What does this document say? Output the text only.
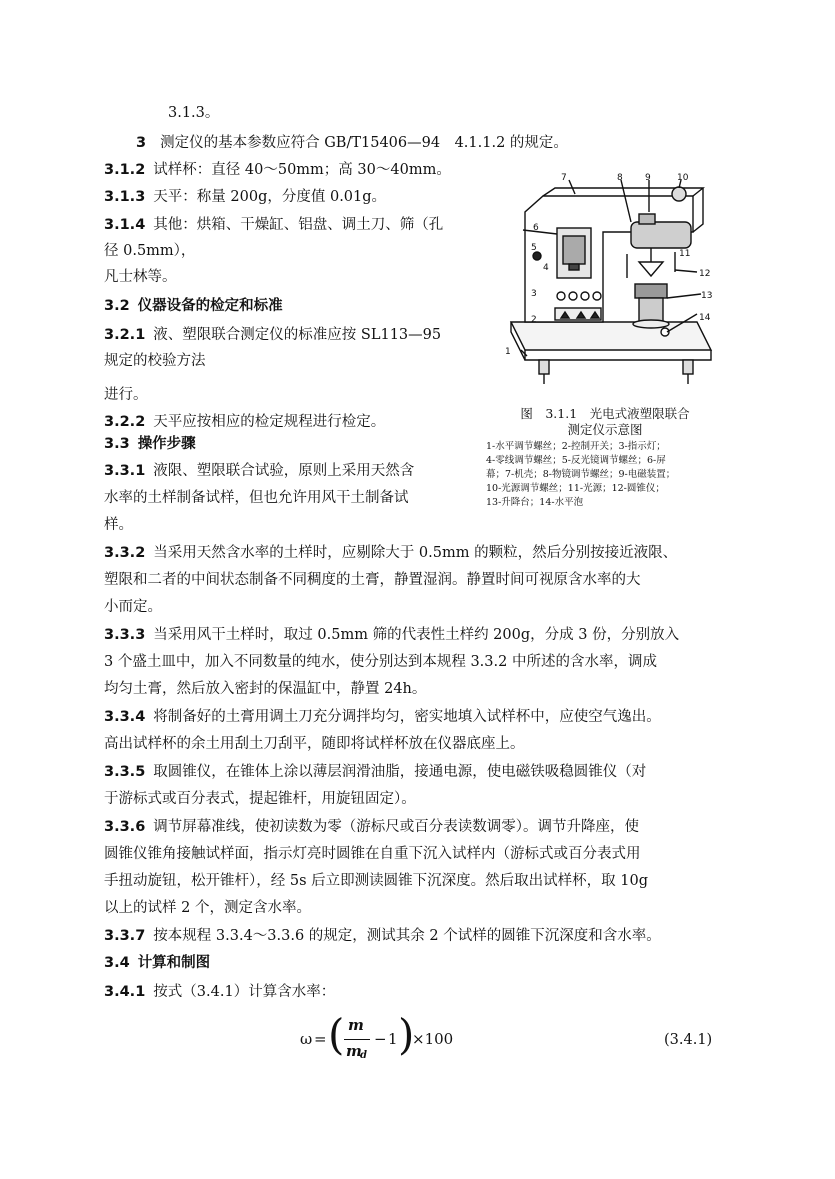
3.1.3。
3 测定仪的基本参数应符合 GB/T15406—94　4.1.1.2 的规定。
3.1.2 试样杯：直径 40～50mm；高 30～40mm。
3.1.3 天平：称量 200g，分度值 0.01g。
3.1.4 其他：烘箱、干燥缸、铝盘、调土刀、筛（孔
径 0.5mm），
凡士林等。
3.2 仪器设备的检定和标准
3.2.1 液、塑限联合测定仪的标准应按 SL113—95
规定的校验方法
进行。
3.2.2 天平应按相应的检定规程进行检定。
3.3 操作步骤
3.3.1 液限、塑限联合试验，原则上采用天然含
水率的土样制备试样，但也允许用风干土制备试
样。
1
2
3
4
5
6
7	8 9	10
11
12
13
14
图　3.1.1　光电式液塑限联合
测定仪示意图
1-水平调节螺丝；2-控制开关；3-指示灯；
4-零线调节螺丝；5-反光镜调节螺丝；6-屏
幕；7-机壳；8-物镜调节螺丝；9-电磁装置；
10-光源调节螺丝；11-光源；12-圆锥仪；
13-升降台；14-水平泡
3.3.2 当采用天然含水率的土样时，应剔除大于 0.5mm 的颗粒，然后分别按接近液限、
塑限和二者的中间状态制备不同稠度的土膏，静置湿润。静置时间可视原含水率的大
小而定。
3.3.3 当采用风干土样时，取过 0.5mm 筛的代表性土样约 200g，分成 3 份，分别放入
3 个盛土皿中，加入不同数量的纯水，使分别达到本规程 3.3.2 中所述的含水率，调成
均匀土膏，然后放入密封的保温缸中，静置 24h。
3.3.4 将制备好的土膏用调土刀充分调拌均匀，密实地填入试样杯中，应使空气逸出。
高出试样杯的余土用刮土刀刮平，随即将试样杯放在仪器底座上。
3.3.5 取圆锥仪，在锥体上涂以薄层润滑油脂，接通电源，使电磁铁吸稳圆锥仪（对
于游标式或百分表式，提起锥杆，用旋钮固定）。
3.3.6 调节屏幕准线，使初读数为零（游标尺或百分表读数调零）。调节升降座，使
圆锥仪锥角接触试样面，指示灯亮时圆锥在自重下沉入试样内（游标式或百分表式用
手扭动旋钮，松开锥杆），经 5s 后立即测读圆锥下沉深度。然后取出试样杯，取 10g
以上的试样 2 个，测定含水率。
3.3.7 按本规程 3.3.4～3.3.6 的规定，测试其余 2 个试样的圆锥下沉深度和含水率。
3.4 计算和制图
3.4.1 按式（3.4.1）计算含水率：
ω = ( m
m
d
− 1 )
×100	(3.4.1)
